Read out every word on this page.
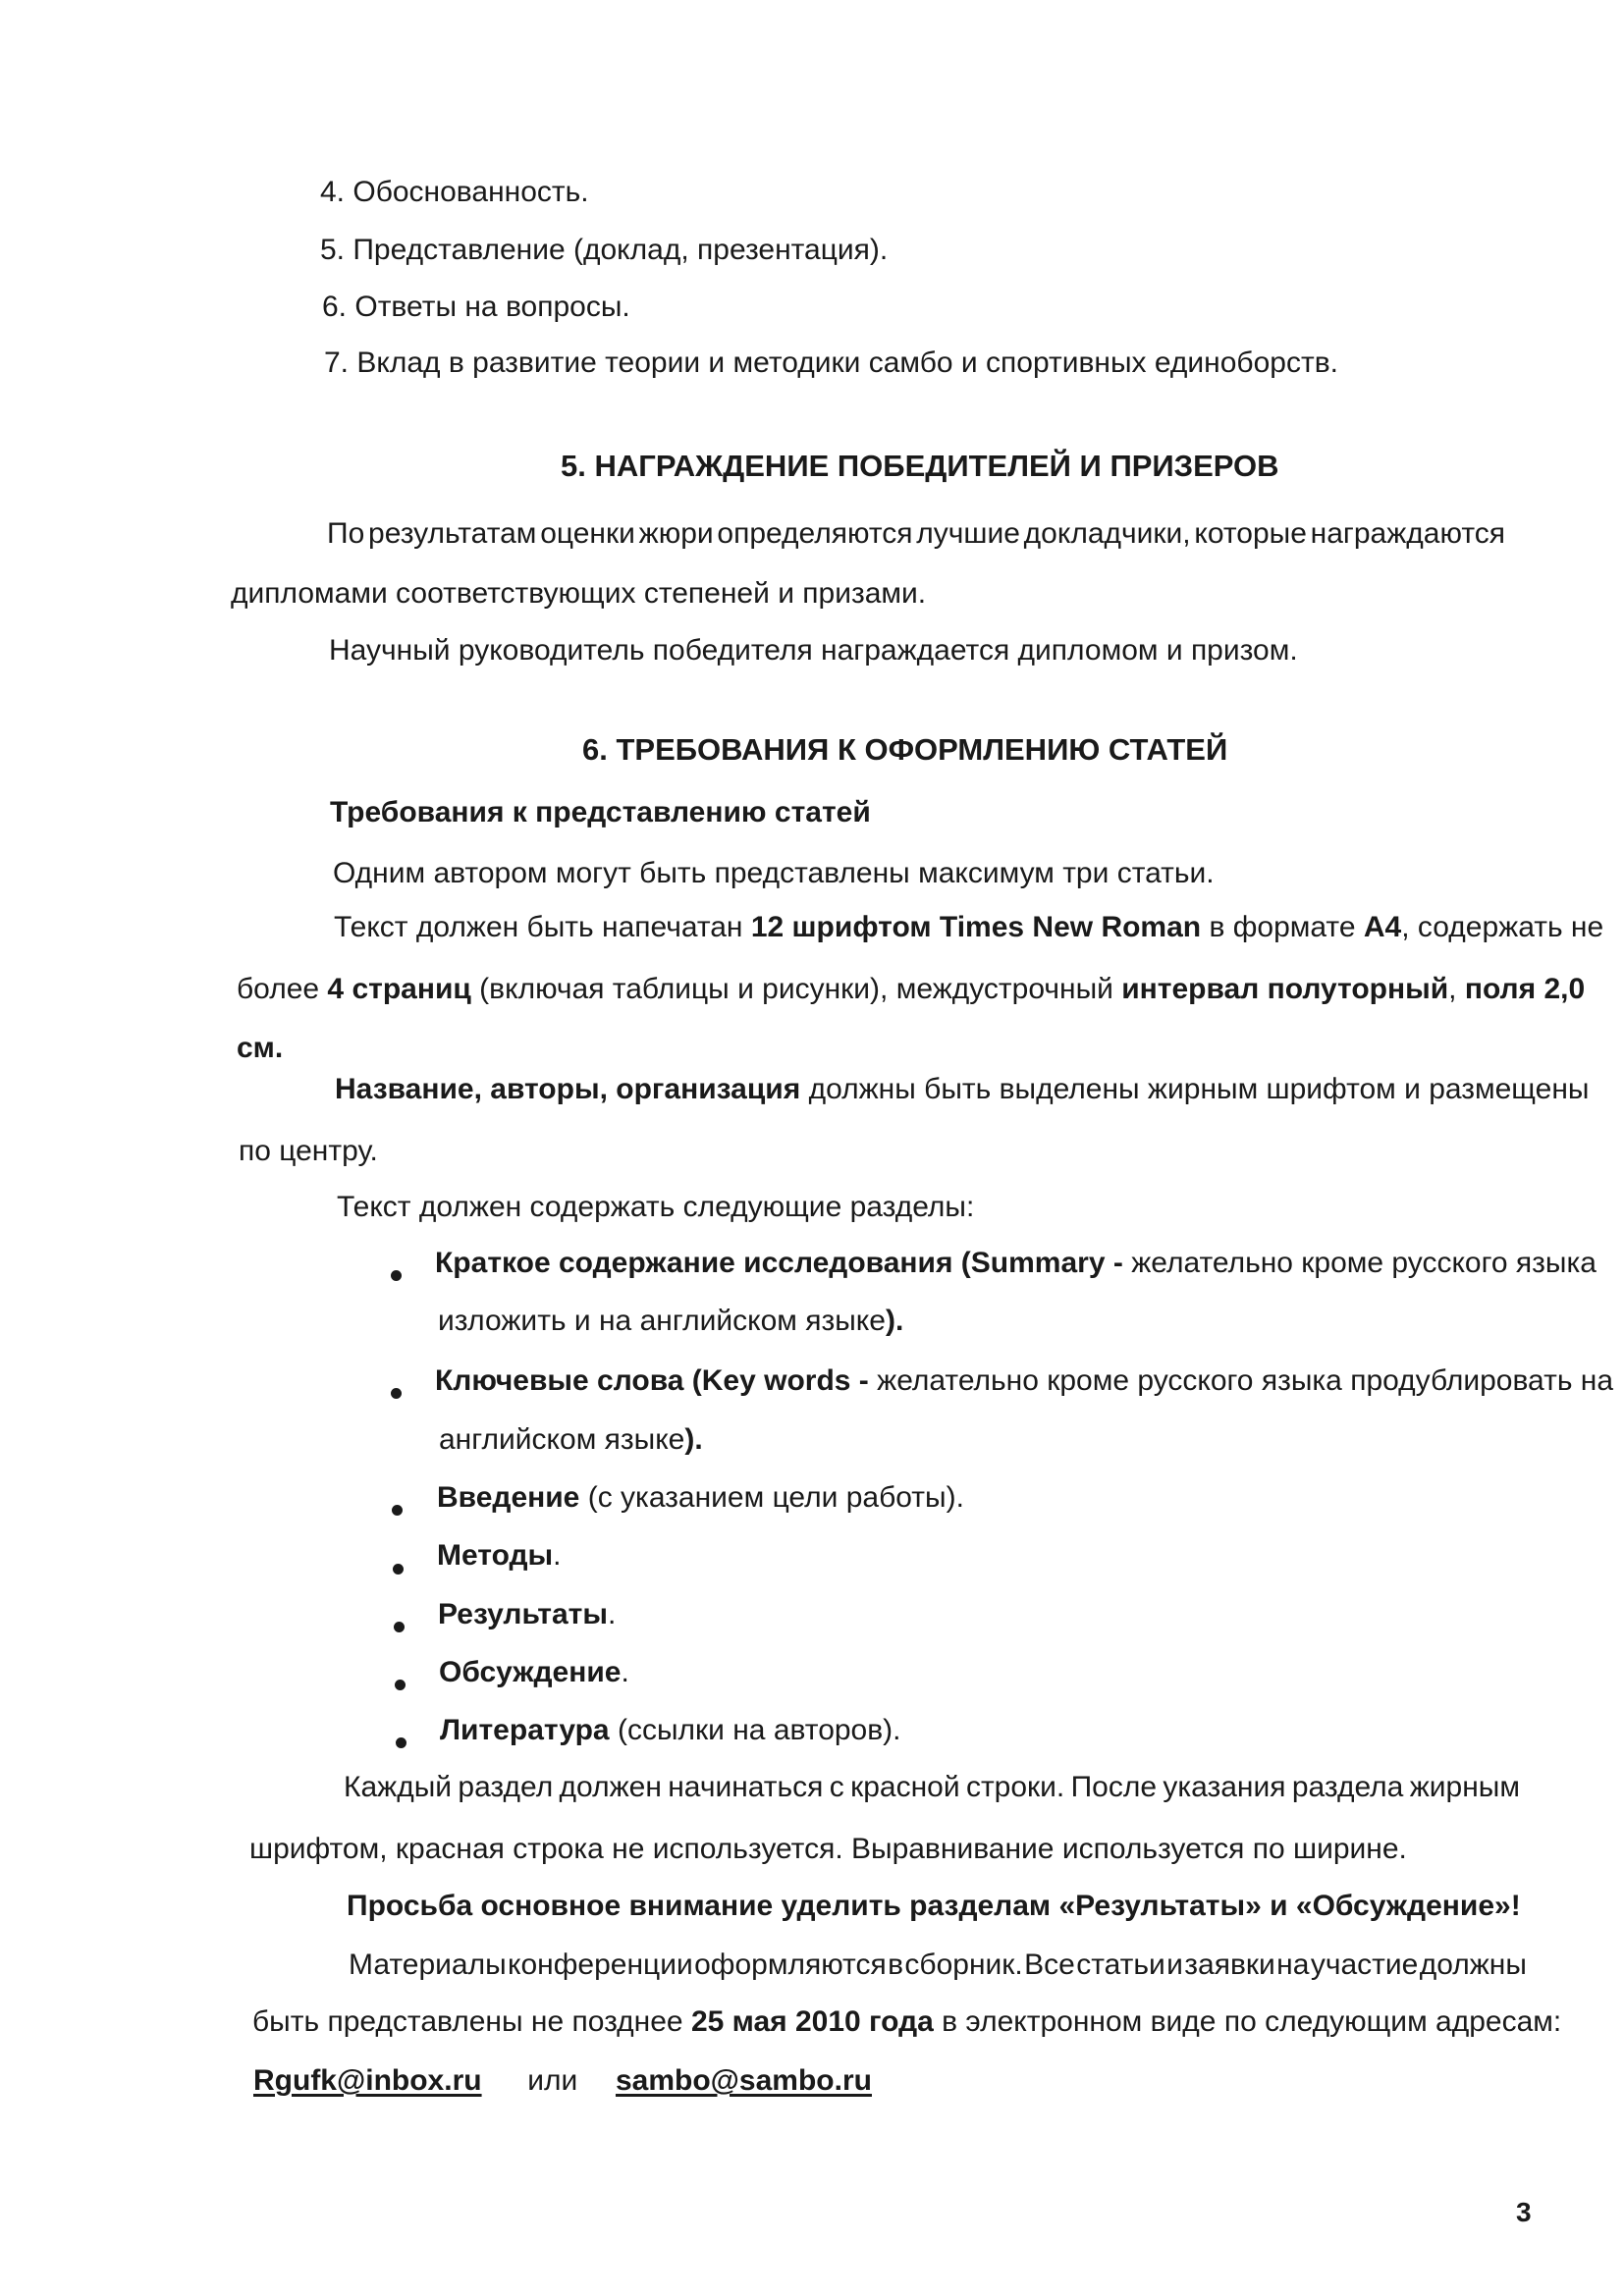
4. Обоснованность.
5. Представление (доклад, презентация).
6. Ответы на вопросы.
7. Вклад в развитие теории и методики самбо и спортивных единоборств.
5. НАГРАЖДЕНИЕ ПОБЕДИТЕЛЕЙ И ПРИЗЕРОВ
По результатам оценки жюри определяются лучшие докладчики, которые награждаются
дипломами соответствующих степеней и призами.
Научный руководитель победителя награждается дипломом и призом.
6. ТРЕБОВАНИЯ К ОФОРМЛЕНИЮ СТАТЕЙ
Требования к представлению статей
Одним автором могут быть представлены максимум три статьи.
Текст должен быть напечатан 12 шрифтом Times New Roman в формате А4, содержать не
более 4 страниц (включая таблицы и рисунки), междустрочный интервал полуторный, поля 2,0
см.
Название, авторы, организация должны быть выделены жирным шрифтом и размещены
по центру.
Текст должен содержать следующие разделы:
Краткое содержание исследования (Summary - желательно кроме русского языка
изложить и на английском языке).
Ключевые слова (Key words - желательно кроме русского языка продублировать на
английском языке).
Введение (с указанием цели работы).
Методы.
Результаты.
Обсуждение.
Литература (ссылки на авторов).
Каждый раздел должен начинаться с красной строки. После указания раздела жирным
шрифтом, красная строка не используется. Выравнивание используется по ширине.
Просьба основное внимание уделить разделам «Результаты» и «Обсуждение»!
Материалы конференции оформляются в сборник. Все статьи и заявки на участие должны
быть представлены не позднее 25 мая 2010 года в электронном виде по следующим адресам:
Rgufk@inbox.ru или sambo@sambo.ru
3
